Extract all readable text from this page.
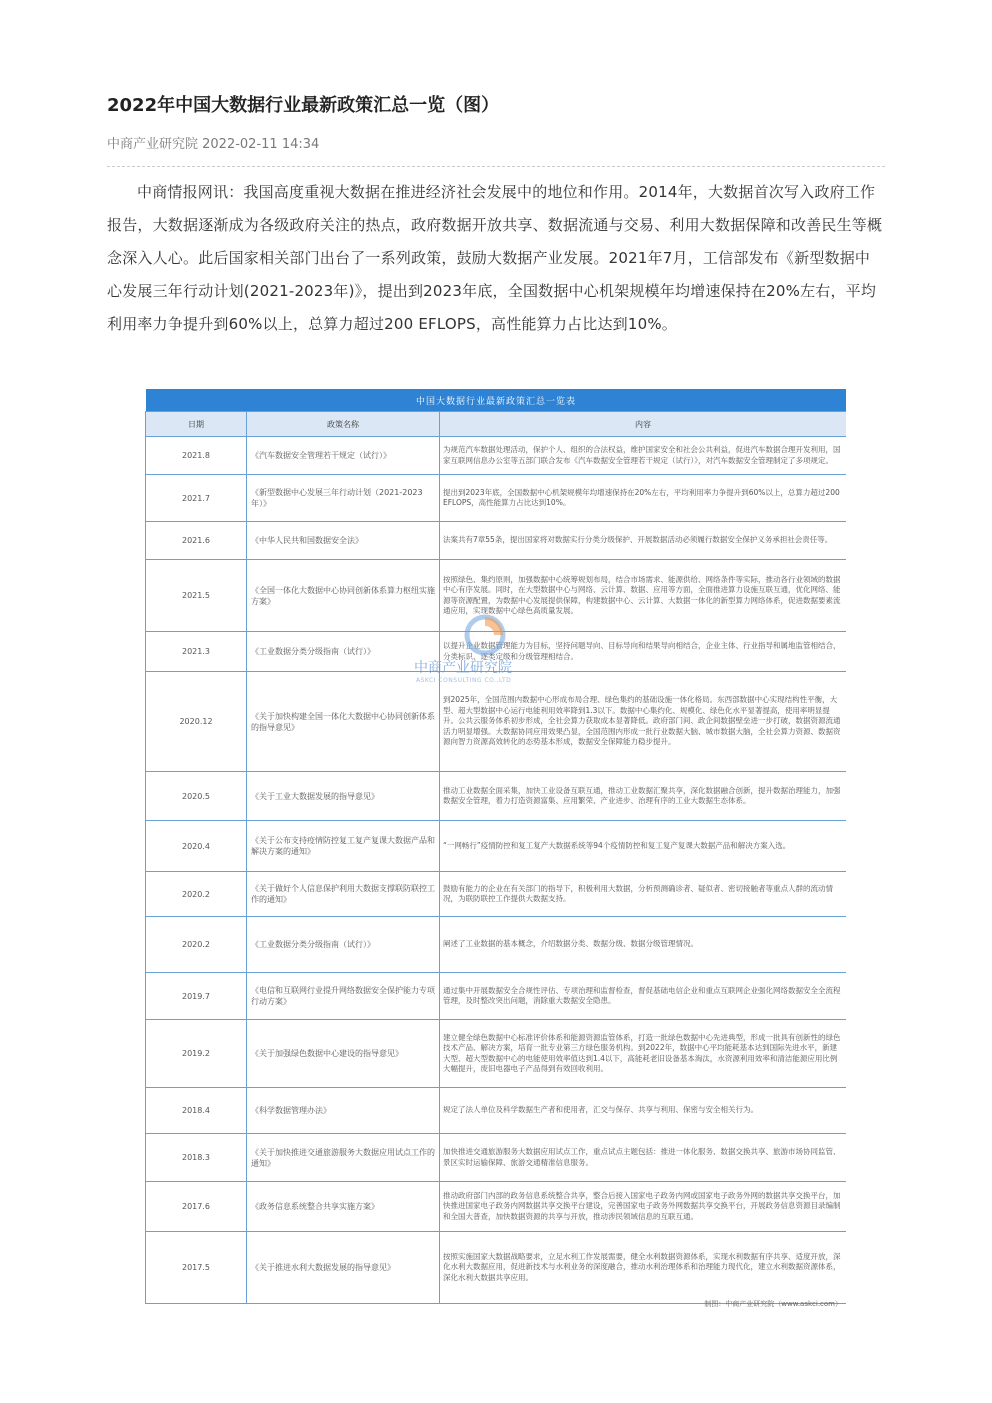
2022年中国大数据行业最新政策汇总一览（图）
中商产业研究院 2022-02-11 14:34

中商情报网讯：我国高度重视大数据在推进经济社会发展中的地位和作用。2014年，大数据首次写入政府工作报告，大数据逐渐成为各级政府关注的热点，政府数据开放共享、数据流通与交易、利用大数据保障和改善民生等概念深入人心。此后国家相关部门出台了一系列政策，鼓励大数据产业发展。2021年7月，工信部发布《新型数据中心发展三年行动计划(2021-2023年)》，提出到2023年底，全国数据中心机架规模年均增速保持在20%左右，平均利用率力争提升到60%以上，总算力超过200 EFLOPS，高性能算力占比达到10%。

中国大数据行业最新政策汇总一览表		
日期	政策名称	内容
2021.8	《汽车数据安全管理若干规定（试行）》	为规范汽车数据处理活动，保护个人、组织的合法权益，维护国家安全和社会公共利益，促进汽车数据合理开发利用，国家互联网信息办公室等五部门联合发布《汽车数据安全管理若干规定（试行）》，对汽车数据安全管理制定了多项规定。
2021.7	《新型数据中心发展三年行动计划（2021-2023年）》	提出到2023年底，全国数据中心机架规模年均增速保持在20%左右，平均利用率力争提升到60%以上，总算力超过200 EFLOPS，高性能算力占比达到10%。
2021.6	《中华人民共和国数据安全法》	法案共有7章55条，提出国家将对数据实行分类分级保护、开展数据活动必须履行数据安全保护义务承担社会责任等。
2021.5	《全国一体化大数据中心协同创新体系算力枢纽实施方案》	按照绿色、集约原则，加强数据中心统筹规划布局，结合市场需求、能源供给、网络条件等实际，推动各行业领域的数据中心有序发展。同时，在大型数据中心与网络、云计算、数据、应用等方面，全面推进算力设施互联互通，优化网络、能源等资源配置，为数据中心发展提供保障，构建数据中心、云计算、大数据一体化的新型算力网络体系，促进数据要素流通应用，实现数据中心绿色高质量发展。
2021.3	《工业数据分类分级指南（试行）》	以提升企业数据管理能力为目标，坚持问题导向、目标导向和结果导向相结合，企业主体、行业指导和属地监管相结合，分类标识、逐类定级和分级管理相结合。
2020.12	《关于加快构建全国一体化大数据中心协同创新体系的指导意见》	到2025年，全国范围内数据中心形成布局合理、绿色集约的基础设施一体化格局。东西部数据中心实现结构性平衡，大型、超大型数据中心运行电能利用效率降到1.3以下。数据中心集约化、规模化、绿色化水平显著提高，使用率明显提升。公共云服务体系初步形成，全社会算力获取成本显著降低。政府部门间、政企间数据壁垒进一步打破，数据资源流通活力明显增强。大数据协同应用效果凸显，全国范围内形成一批行业数据大脑、城市数据大脑，全社会算力资源、数据资源向智力资源高效转化的态势基本形成，数据安全保障能力稳步提升。
2020.5	《关于工业大数据发展的指导意见》	推动工业数据全面采集，加快工业设备互联互通，推动工业数据汇聚共享，深化数据融合创新，提升数据治理能力，加强数据安全管理，着力打造资源富集、应用繁荣、产业进步、治理有序的工业大数据生态体系。
2020.4	《关于公布支持疫情防控复工复产复课大数据产品和解决方案的通知》	“一网畅行”疫情防控和复工复产大数据系统等94个疫情防控和复工复产复课大数据产品和解决方案入选。
2020.2	《关于做好个人信息保护利用大数据支撑联防联控工作的通知》	鼓励有能力的企业在有关部门的指导下，积极利用大数据，分析预测确诊者、疑似者、密切接触者等重点人群的流动情况，为联防联控工作提供大数据支持。
2020.2	《工业数据分类分级指南（试行）》	阐述了工业数据的基本概念，介绍数据分类、数据分级、数据分级管理情况。
2019.7	《电信和互联网行业提升网络数据安全保护能力专项行动方案》	通过集中开展数据安全合规性评估、专项治理和监督检查，督促基础电信企业和重点互联网企业强化网络数据安全全流程管理，及时整改突出问题，消除重大数据安全隐患。
2019.2	《关于加强绿色数据中心建设的指导意见》	建立健全绿色数据中心标准评价体系和能源资源监管体系，打造一批绿色数据中心先进典型，形成一批具有创新性的绿色技术产品、解决方案，培育一批专业第三方绿色服务机构。到2022年，数据中心平均能耗基本达到国际先进水平，新建大型、超大型数据中心的电能使用效率值达到1.4以下，高能耗老旧设备基本淘汰，水资源利用效率和清洁能源应用比例大幅提升，废旧电器电子产品得到有效回收利用。
2018.4	《科学数据管理办法》	规定了法人单位及科学数据生产者和使用者，汇交与保存、共享与利用、保密与安全相关行为。
2018.3	《关于加快推进交通旅游服务大数据应用试点工作的通知》	加快推进交通旅游服务大数据应用试点工作，重点试点主题包括：推进一体化服务、数据交换共享、旅游市场协同监管、景区实时运输保障、旅游交通精准信息服务。
2017.6	《政务信息系统整合共享实施方案》	推动政府部门内部的政务信息系统整合共享，整合后接入国家电子政务内网或国家电子政务外网的数据共享交换平台，加快推进国家电子政务内网数据共享交换平台建设，完善国家电子政务外网数据共享交换平台，开展政务信息资源目录编制和全国大普查，加快数据资源的共享与开放，推动涉民领域信息的互联互通。
2017.5	《关于推进水利大数据发展的指导意见》	按照实施国家大数据战略要求，立足水利工作发展需要，健全水利数据资源体系，实现水利数据有序共享、适度开放，深化水利大数据应用，促进新技术与水利业务的深度融合，推动水利治理体系和治理能力现代化，建立水利数据资源体系，深化水利大数据共享应用。
制图：中商产业研究院（www.askci.com）
中商产业研究院
ASKCI CONSULTING CO.,LTD
